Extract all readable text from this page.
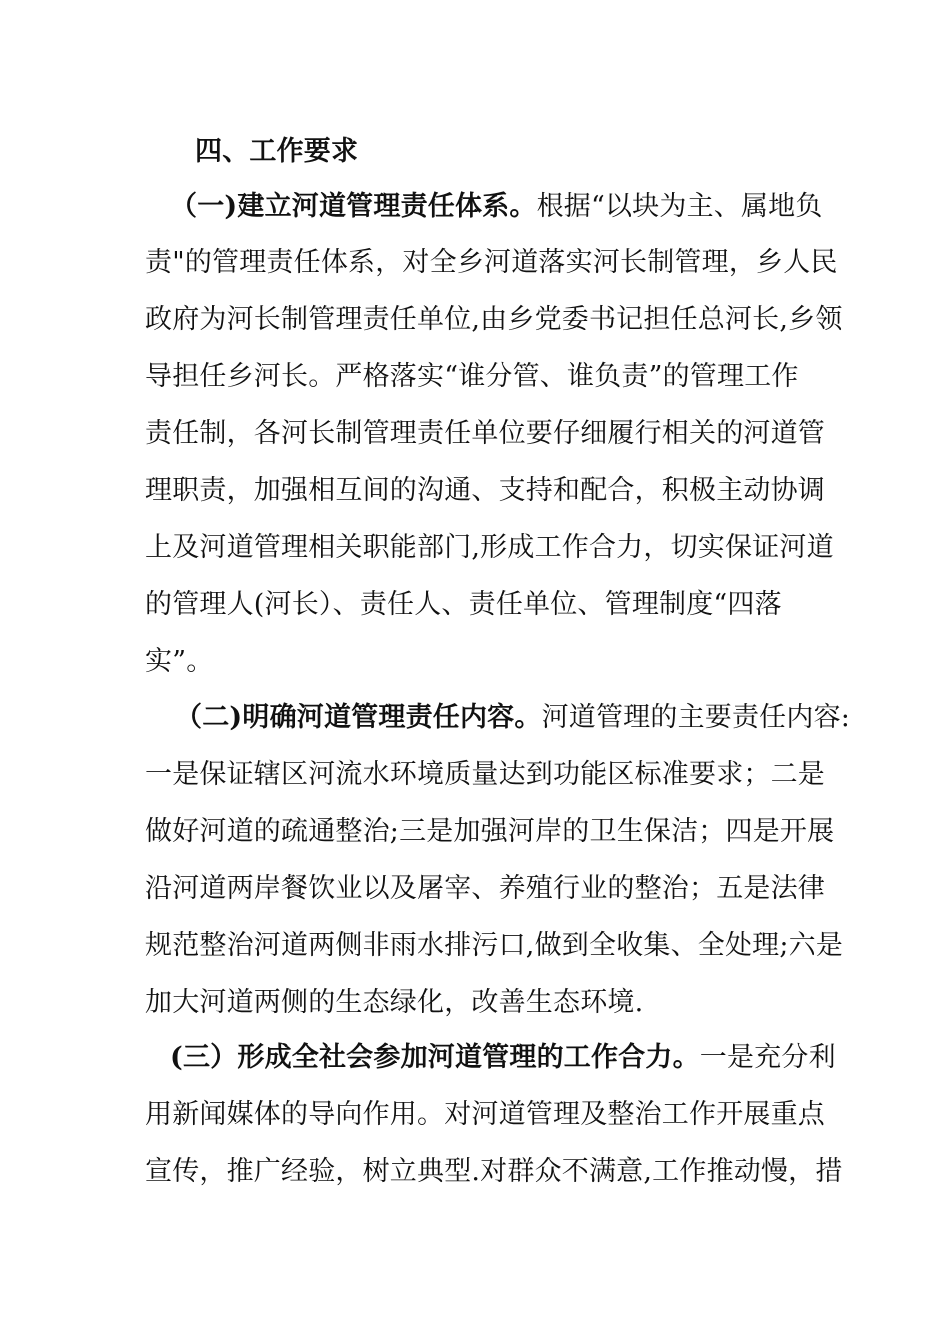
四、工作要求
（一)建立河道管理责任体系。根据“以块为主、属地负
责"的管理责任体系，对全乡河道落实河长制管理，乡人民
政府为河长制管理责任单位,由乡党委书记担任总河长,乡领
导担任乡河长。严格落实“谁分管、谁负责”的管理工作
责任制，各河长制管理责任单位要仔细履行相关的河道管
理职责，加强相互间的沟通、支持和配合，积极主动协调
上及河道管理相关职能部门,形成工作合力，切实保证河道
的管理人(河长）、责任人、责任单位、管理制度“四落
实”。
（二)明确河道管理责任内容。河道管理的主要责任内容:
一是保证辖区河流水环境质量达到功能区标准要求；二是
做好河道的疏通整治;三是加强河岸的卫生保洁；四是开展
沿河道两岸餐饮业以及屠宰、养殖行业的整治；五是法律
规范整治河道两侧非雨水排污口,做到全收集、全处理;六是
加大河道两侧的生态绿化，改善生态环境.
(三）形成全社会参加河道管理的工作合力。一是充分利
用新闻媒体的导向作用。对河道管理及整治工作开展重点
宣传，推广经验，树立典型.对群众不满意,工作推动慢，措
